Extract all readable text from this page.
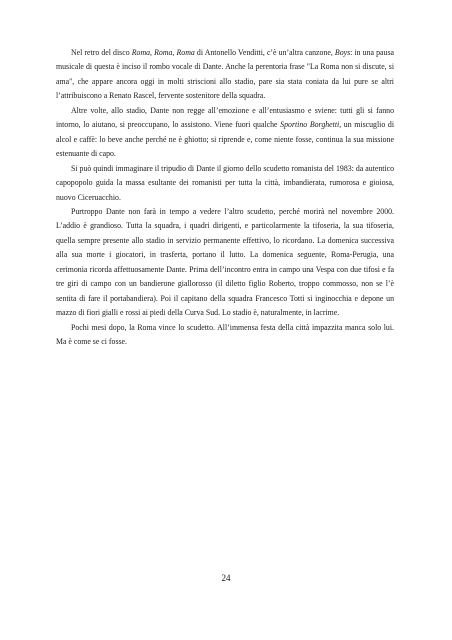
Nel retro del disco Roma, Roma, Roma di Antonello Venditti, c’è un’altra canzone, Boys: in una pausa musicale di questa è inciso il rombo vocale di Dante. Anche la perentoria frase "La Roma non si discute, si ama", che appare ancora oggi in molti striscioni allo stadio, pare sia stata coniata da lui pure se altri l’attribuiscono a Renato Rascel, fervente sostenitore della squadra.

Altre volte, allo stadio, Dante non regge all’emozione e all’entusiasmo e sviene: tutti gli si fanno intorno, lo aiutano, si preoccupano, lo assistono. Viene fuori qualche Sportino Borghetti, un miscuglio di alcol e caffè: lo beve anche perché ne è ghiotto; si riprende e, come niente fosse, continua la sua missione estenuante di capo.

Si può quindi immaginare il tripudio di Dante il giorno dello scudetto romanista del 1983: da autentico capopopolo guida la massa esultante dei romanisti per tutta la città, imbandierata, rumorosa e gioiosa, nuovo Ciceruacchio.

Purtroppo Dante non farà in tempo a vedere l’altro scudetto, perché morirà nel novembre 2000. L’addio è grandioso. Tutta la squadra, i quadri dirigenti, e particolarmente la tifoseria, la sua tifoseria, quella sempre presente allo stadio in servizio permanente effettivo, lo ricordano. La domenica successiva alla sua morte i giocatori, in trasferta, portano il lutto. La domenica seguente, Roma-Perugia, una cerimonia ricorda affettuosamente Dante. Prima dell’incontro entra in campo una Vespa con due tifosi e fa tre giri di campo con un bandierone giallorosso (il diletto figlio Roberto, troppo commosso, non se l’è sentita di fare il portabandiera). Poi il capitano della squadra Francesco Totti si inginocchia e depone un mazzo di fiori gialli e rossi ai piedi della Curva Sud. Lo stadio è, naturalmente, in lacrime.

Pochi mesi dopo, la Roma vince lo scudetto. All’immensa festa della città impazzita manca solo lui. Ma è come se ci fosse.

24
